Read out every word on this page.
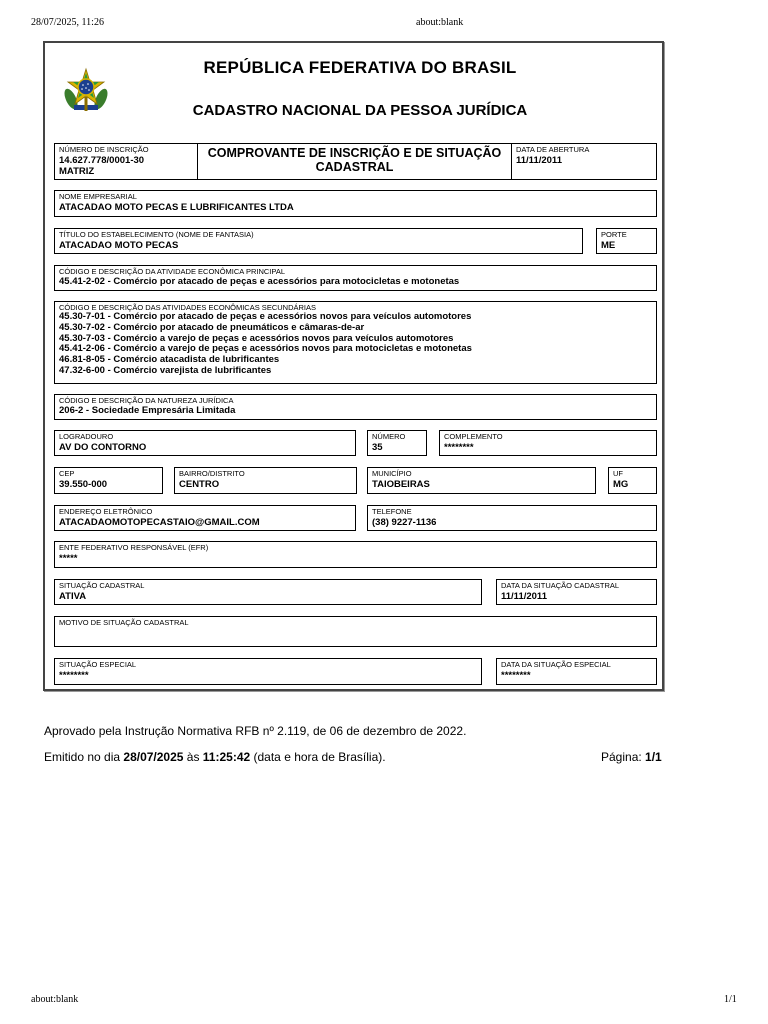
28/07/2025, 11:26	about:blank
about:blank	1/1
REPÚBLICA FEDERATIVA DO BRASIL
CADASTRO NACIONAL DA PESSOA JURÍDICA
NÚMERO DE INSCRIÇÃO
14.627.778/0001-30
MATRIZ
COMPROVANTE DE INSCRIÇÃO E DE SITUAÇÃO
CADASTRAL
DATA DE ABERTURA
11/11/2011
NOME EMPRESARIAL
ATACADAO MOTO PECAS E LUBRIFICANTES LTDA
TÍTULO DO ESTABELECIMENTO (NOME DE FANTASIA)
ATACADAO MOTO PECAS
PORTE
ME
CÓDIGO E DESCRIÇÃO DA ATIVIDADE ECONÔMICA PRINCIPAL
45.41-2-02 - Comércio por atacado de peças e acessórios para motocicletas e motonetas
CÓDIGO E DESCRIÇÃO DAS ATIVIDADES ECONÔMICAS SECUNDÁRIAS
45.30-7-01 - Comércio por atacado de peças e acessórios novos para veículos automotores
45.30-7-02 - Comércio por atacado de pneumáticos e câmaras-de-ar
45.30-7-03 - Comércio a varejo de peças e acessórios novos para veículos automotores
45.41-2-06 - Comércio a varejo de peças e acessórios novos para motocicletas e motonetas
46.81-8-05 - Comércio atacadista de lubrificantes
47.32-6-00 - Comércio varejista de lubrificantes
CÓDIGO E DESCRIÇÃO DA NATUREZA JURÍDICA
206-2 - Sociedade Empresária Limitada
LOGRADOURO
AV DO CONTORNO
NÚMERO
35
COMPLEMENTO
********
CEP
39.550-000
BAIRRO/DISTRITO
CENTRO
MUNICÍPIO
TAIOBEIRAS
UF
MG
ENDEREÇO ELETRÔNICO
ATACADAOMOTOPECASTAIO@GMAIL.COM
TELEFONE
(38) 9227-1136
ENTE FEDERATIVO RESPONSÁVEL (EFR)
*****
SITUAÇÃO CADASTRAL
ATIVA
DATA DA SITUAÇÃO CADASTRAL
11/11/2011
MOTIVO DE SITUAÇÃO CADASTRAL
SITUAÇÃO ESPECIAL
********
DATA DA SITUAÇÃO ESPECIAL
********
Aprovado pela Instrução Normativa RFB nº 2.119, de 06 de dezembro de 2022.
Emitido no dia 28/07/2025 às 11:25:42 (data e hora de Brasília).	Página: 1/1
